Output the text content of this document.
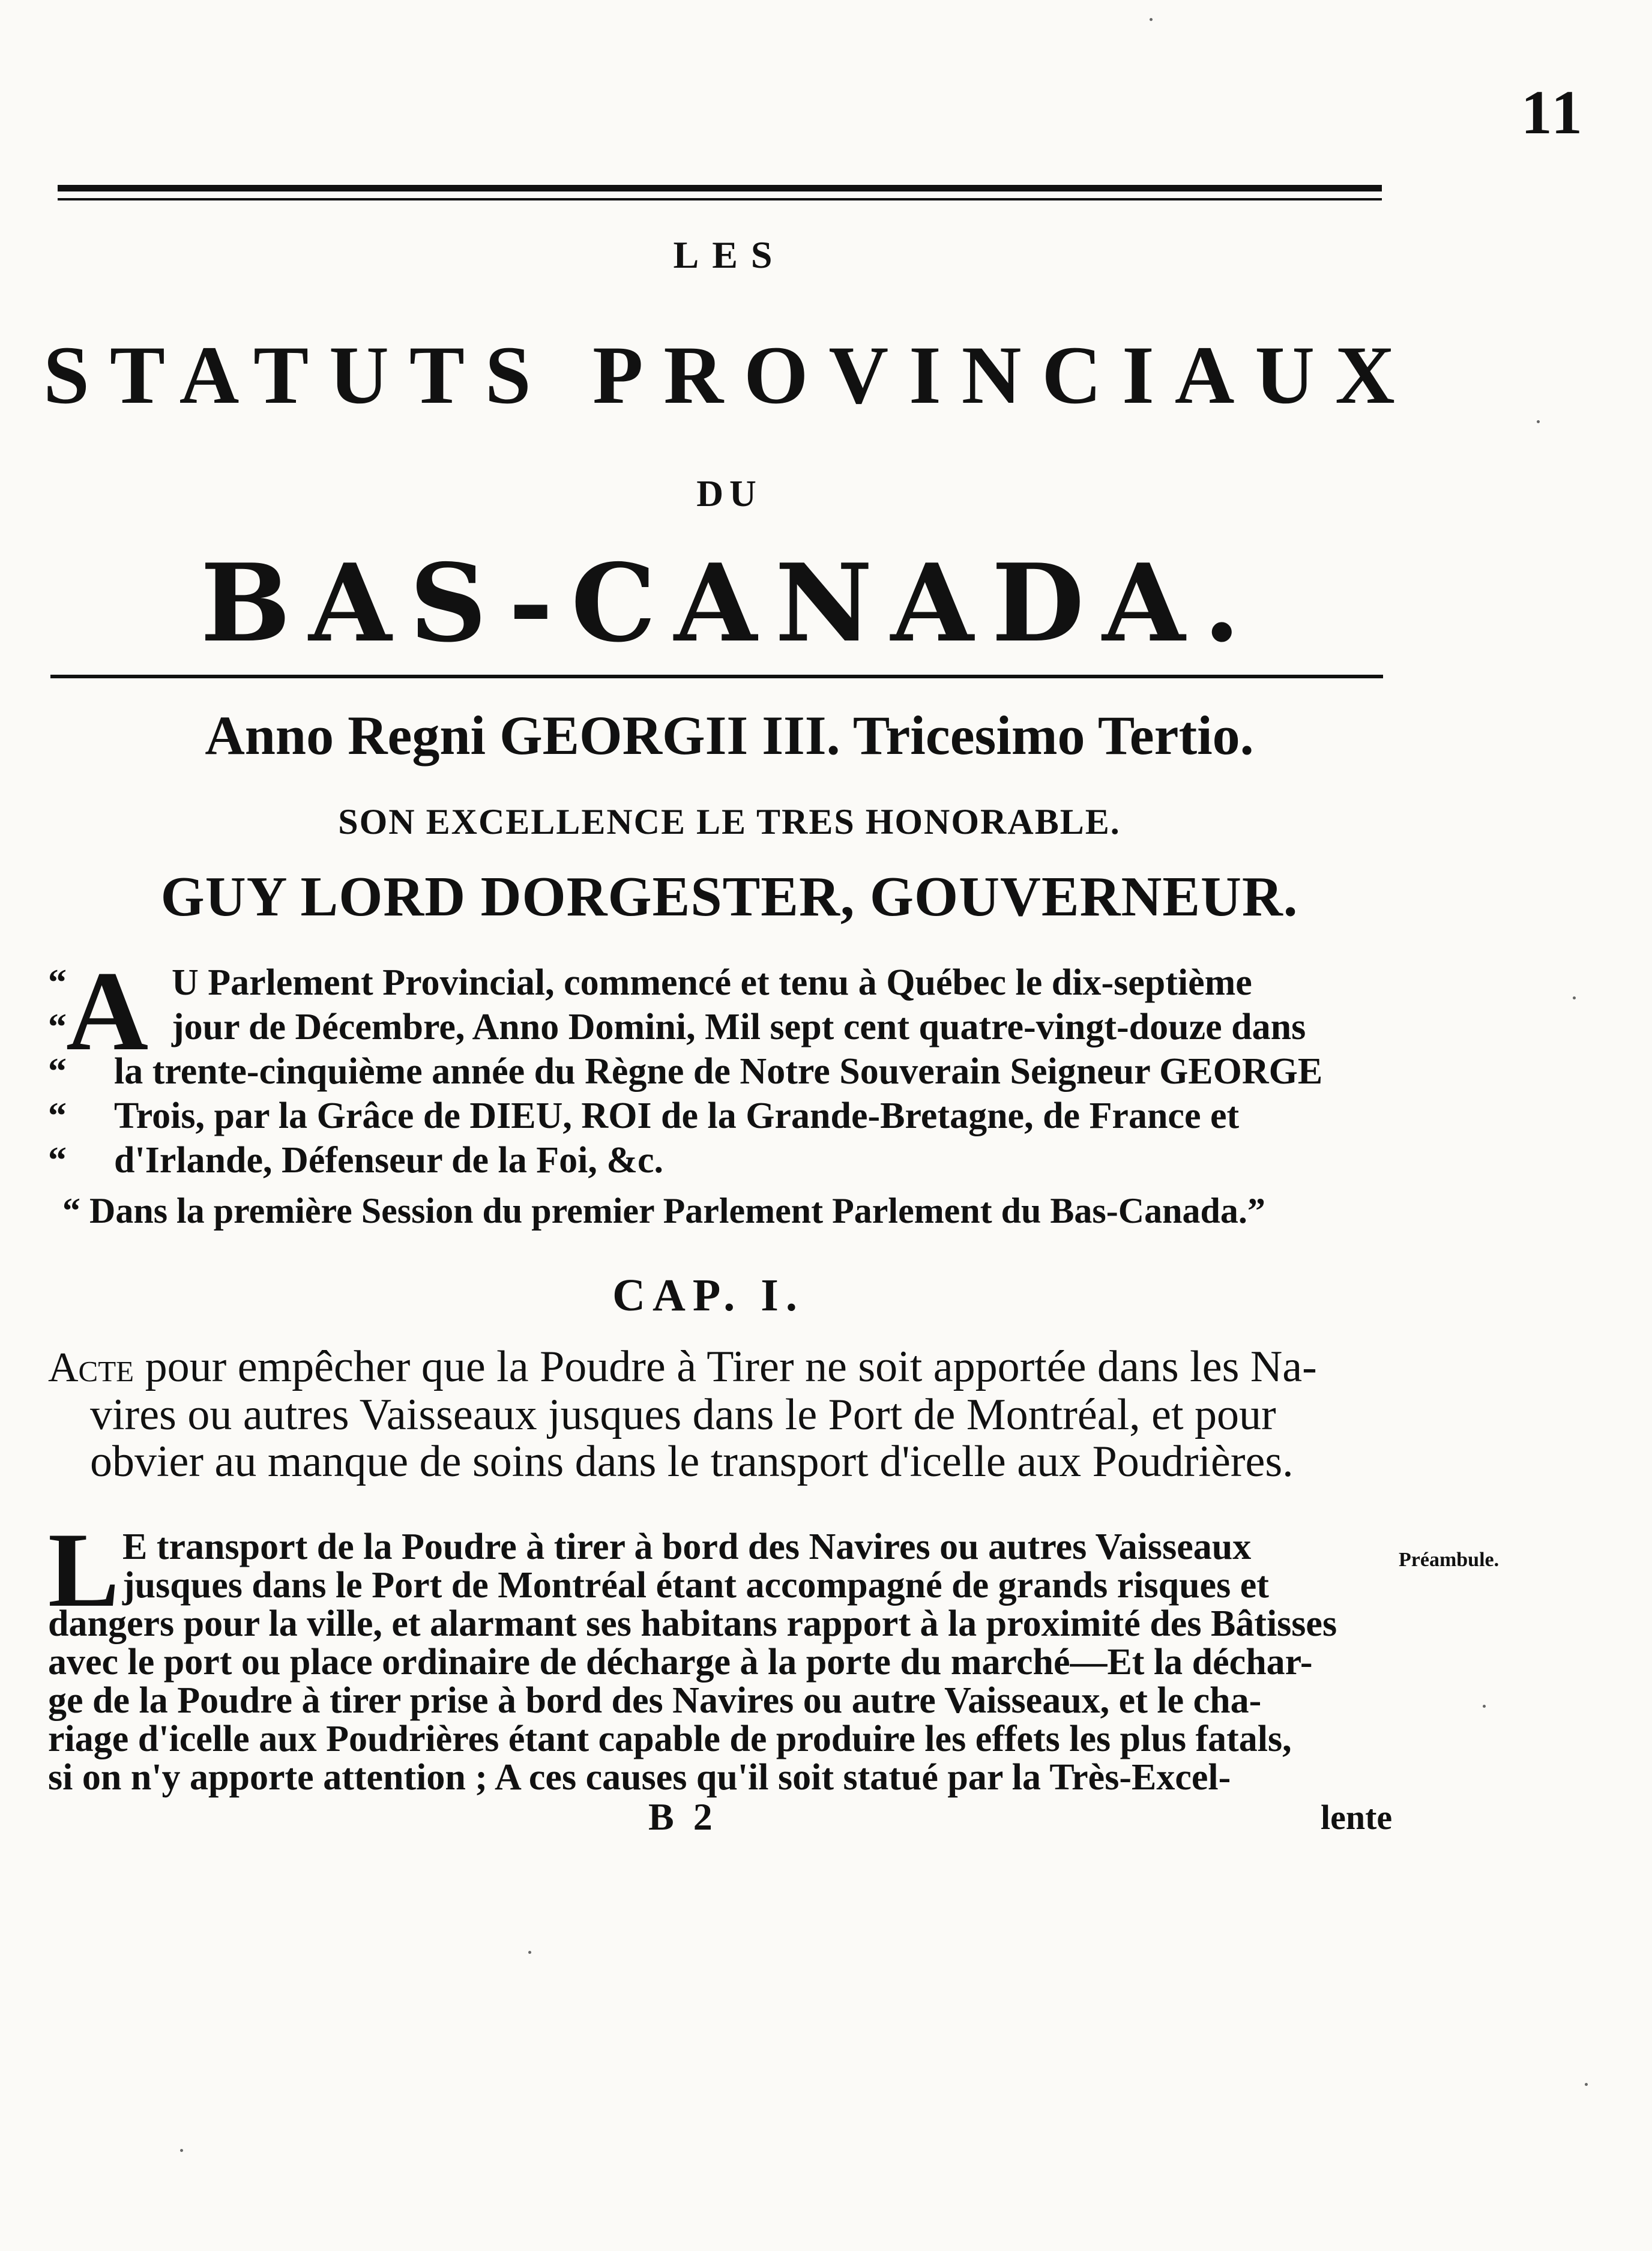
11
LES
STATUTS PROVINCIAUX
DU
BAS-CANADA.
Anno Regni GEORGII III. Tricesimo Tertio.
SON EXCELLENCE LE TRES HONORABLE.
GUY LORD DORGESTER, GOUVERNEUR.
A
“	U Parlement Provincial, commencé et tenu à Québec le dix-septième
“	jour de Décembre, Anno Domini, Mil sept cent quatre-vingt-douze dans
“ la trente-cinquième année du Règne de Notre Souverain Seigneur GEORGE
“ Trois, par la Grâce de DIEU, ROI de la Grande-Bretagne, de France et
“ d'Irlande, Défenseur de la Foi, &c.
“ Dans la première Session du premier Parlement Parlement du Bas-Canada.”
CAP. I.
Acte pour empêcher que la Poudre à Tirer ne soit apportée dans les Na-
vires ou autres Vaisseaux jusques dans le Port de Montréal, et pour
obvier au manque de soins dans le transport d'icelle aux Poudrières.
L E transport de la Poudre à tirer à bord des Navires ou autres Vaisseaux
jusques dans le Port de Montréal étant accompagné de grands risques et
dangers pour la ville, et alarmant ses habitans rapport à la proximité des Bâtisses
avec le port ou place ordinaire de décharge à la porte du marché—Et la déchar-
ge de la Poudre à tirer prise à bord des Navires ou autre Vaisseaux, et le cha-
riage d'icelle aux Poudrières étant capable de produire les effets les plus fatals,
si on n'y apporte attention ; A ces causes qu'il soit statué par la Très-Excel-
Préambule.
B 2	lente
